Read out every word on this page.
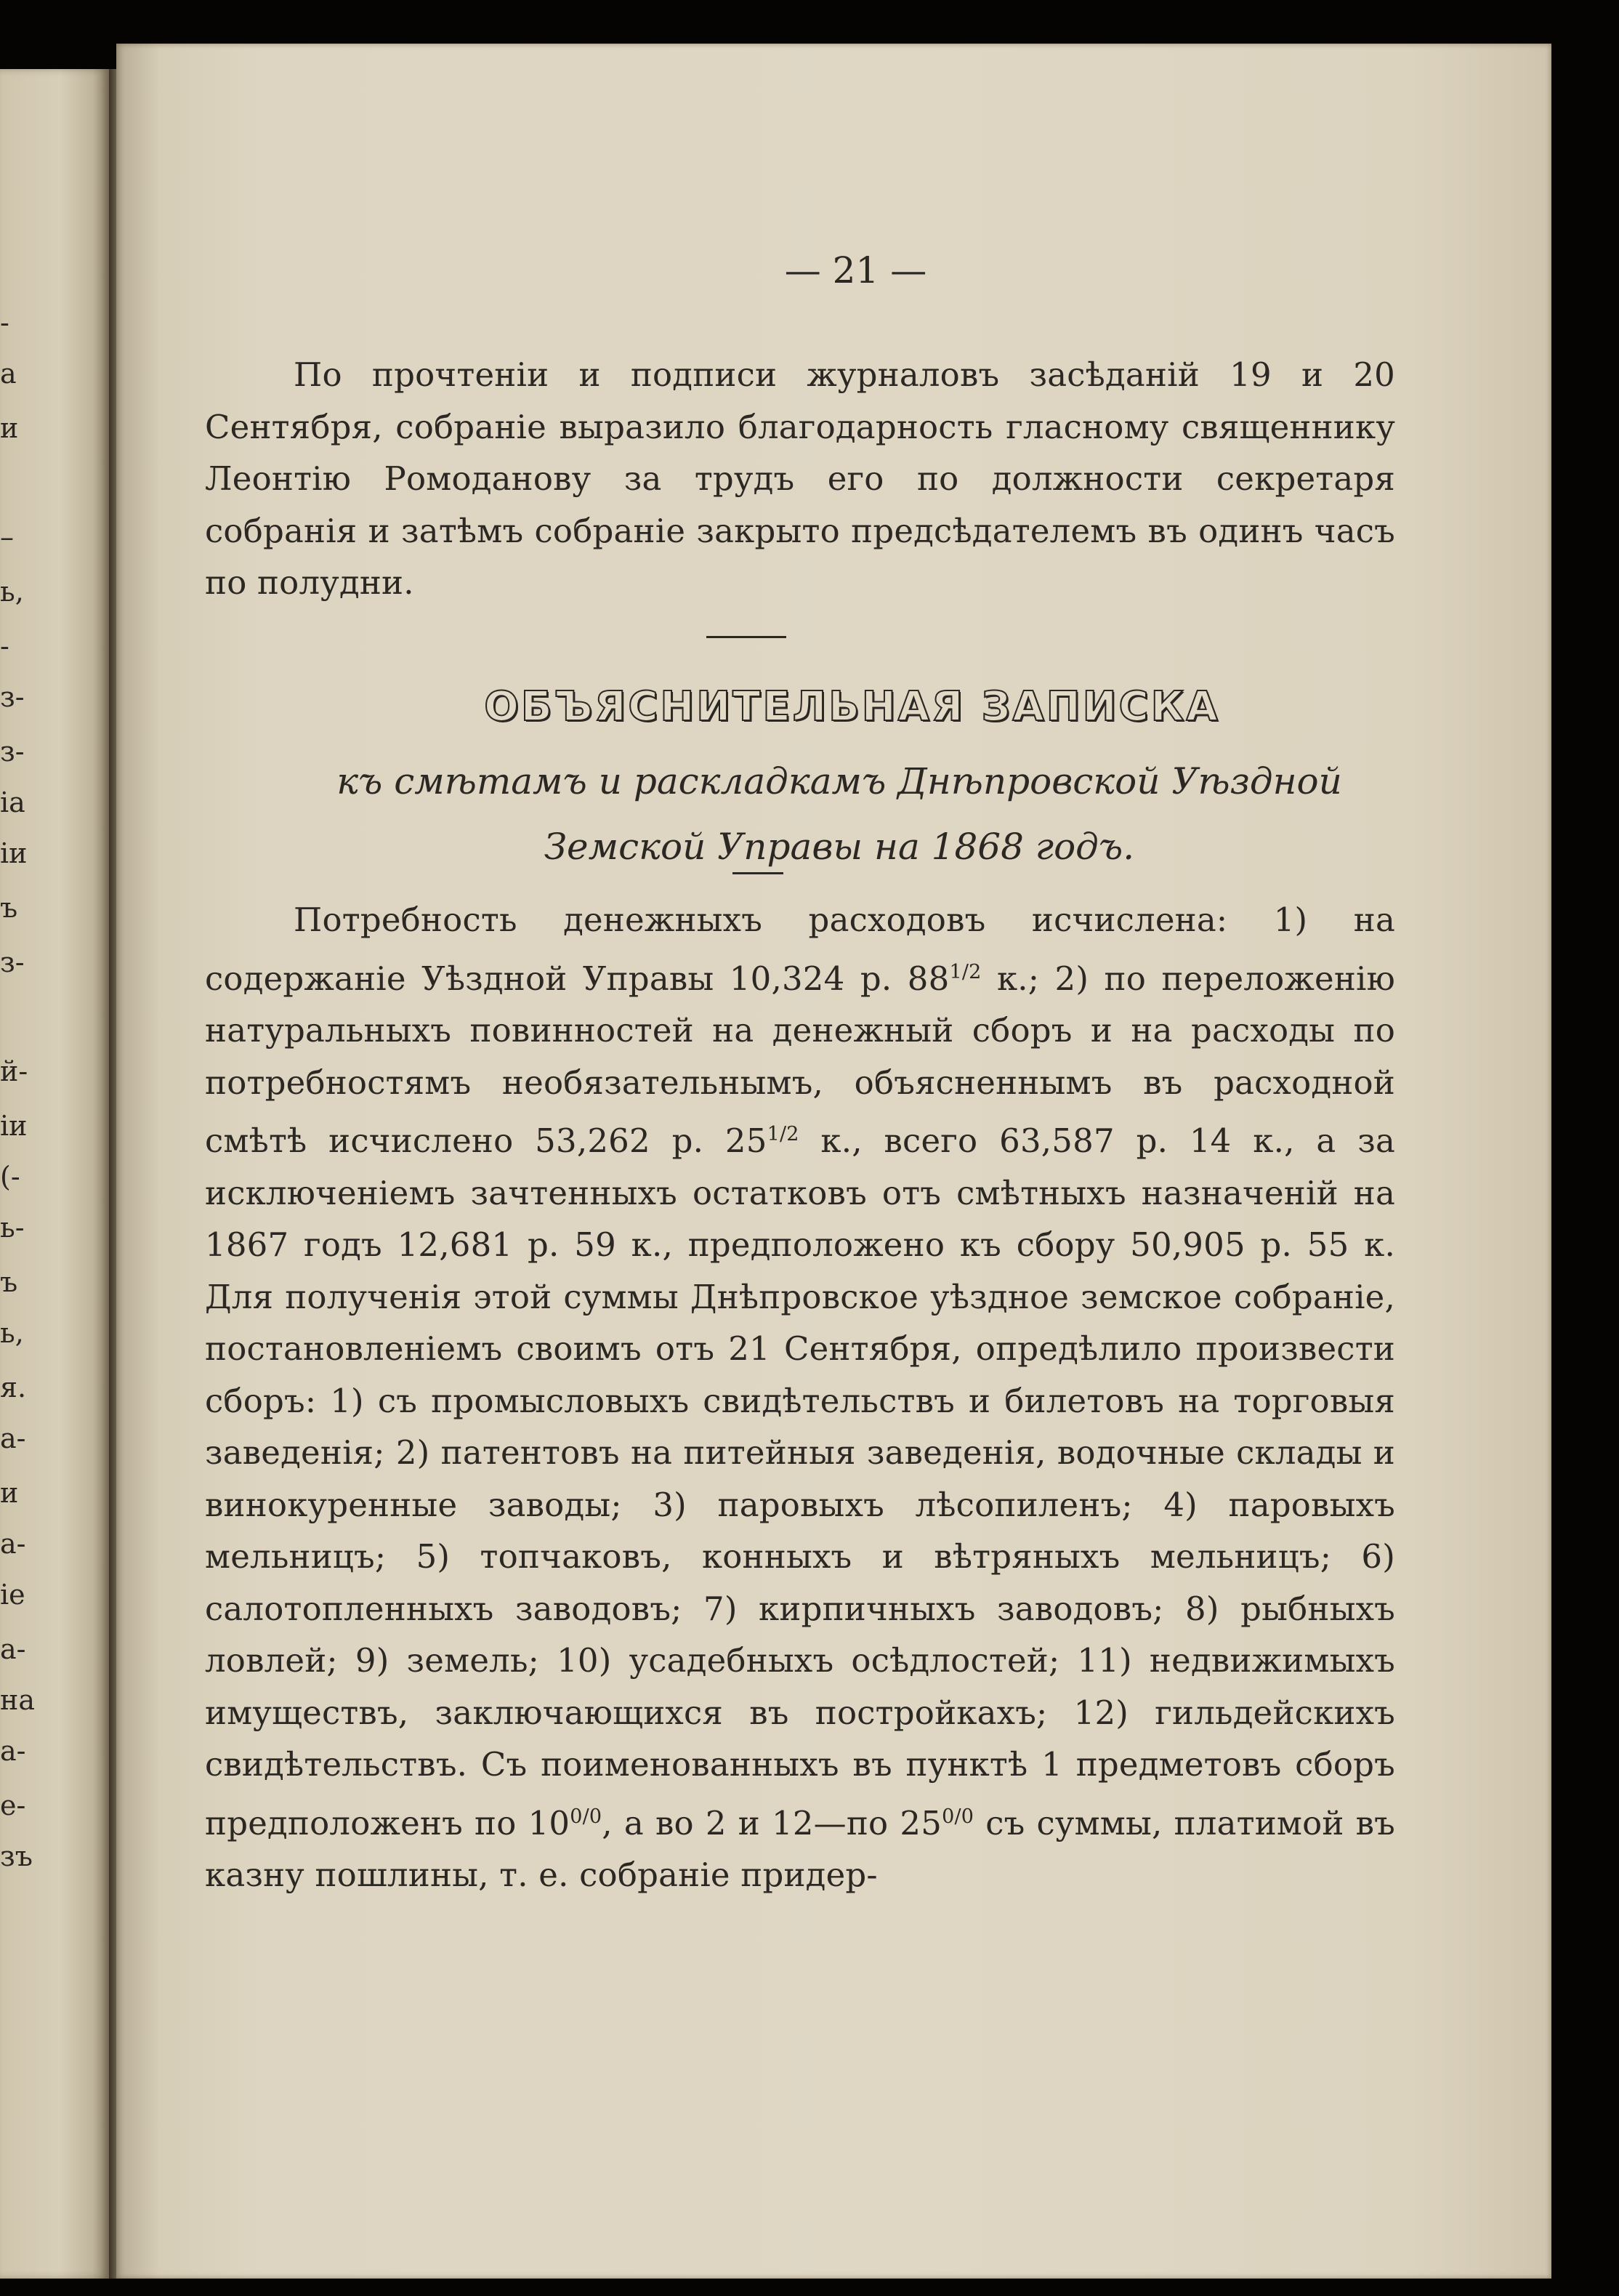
-
а
и
–
ь,
-
з-
з-
іа
іи
ъ
з-
й-
іи
(-
ь-
ъ
ь,
я.
а-
и
а-
іе
а-
на
а-
е-
зъ
— 21 —
По прочтеніи и подписи журналовъ засѣданій 19 и 20 Сентября, собраніе выразило благодарность гласному священнику Леонтію Ромоданову за трудъ его по должности секретаря собранія и затѣмъ собраніе закрыто предсѣдателемъ въ одинъ часъ по полудни.
ОБЪЯСНИТЕЛЬНАЯ ЗАПИСКА
къ смѣтамъ и раскладкамъ Днѣпровской Уѣздной Земской Управы на 1868 годъ.
Потребность денежныхъ расходовъ исчислена: 1) на содержаніе Уѣздной Управы 10,324 р. $88^{1/2}$ к.; 2) по переложенію натуральныхъ повинностей на денежный сборъ и на расходы по потребностямъ необязательнымъ, объясненнымъ въ расходной смѣтѣ исчислено 53,262 р. $25^{1/2}$ к., всего 63,587 р. 14 к., а за исключеніемъ зачтенныхъ остатковъ отъ смѣтныхъ назначеній на 1867 годъ 12,681 р. 59 к., предположено къ сбору 50,905 р. 55 к. Для полученія этой суммы Днѣпровское уѣздное земское собраніе, постановленіемъ своимъ отъ 21 Сентября, опредѣлило произвести сборъ: 1) съ промысловыхъ свидѣтельствъ и билетовъ на торговыя заведенія; 2) патентовъ на питейныя заведенія, водочные склады и винокуренные заводы; 3) паровыхъ лѣсопиленъ; 4) паровыхъ мельницъ; 5) топчаковъ, конныхъ и вѣтряныхъ мельницъ; 6) салотопленныхъ заводовъ; 7) кирпичныхъ заводовъ; 8) рыбныхъ ловлей; 9) земель; 10) усадебныхъ осѣдлостей; 11) недвижимыхъ имуществъ, заключающихся въ постройкахъ; 12) гильдейскихъ свидѣтельствъ. Съ поименованныхъ въ пунктѣ 1 предметовъ сборъ предположенъ по $10^{0/0}$, а во 2 и 12—по $25^{0/0}$ съ суммы, платимой въ казну пошлины, т. е. собраніе придер-
